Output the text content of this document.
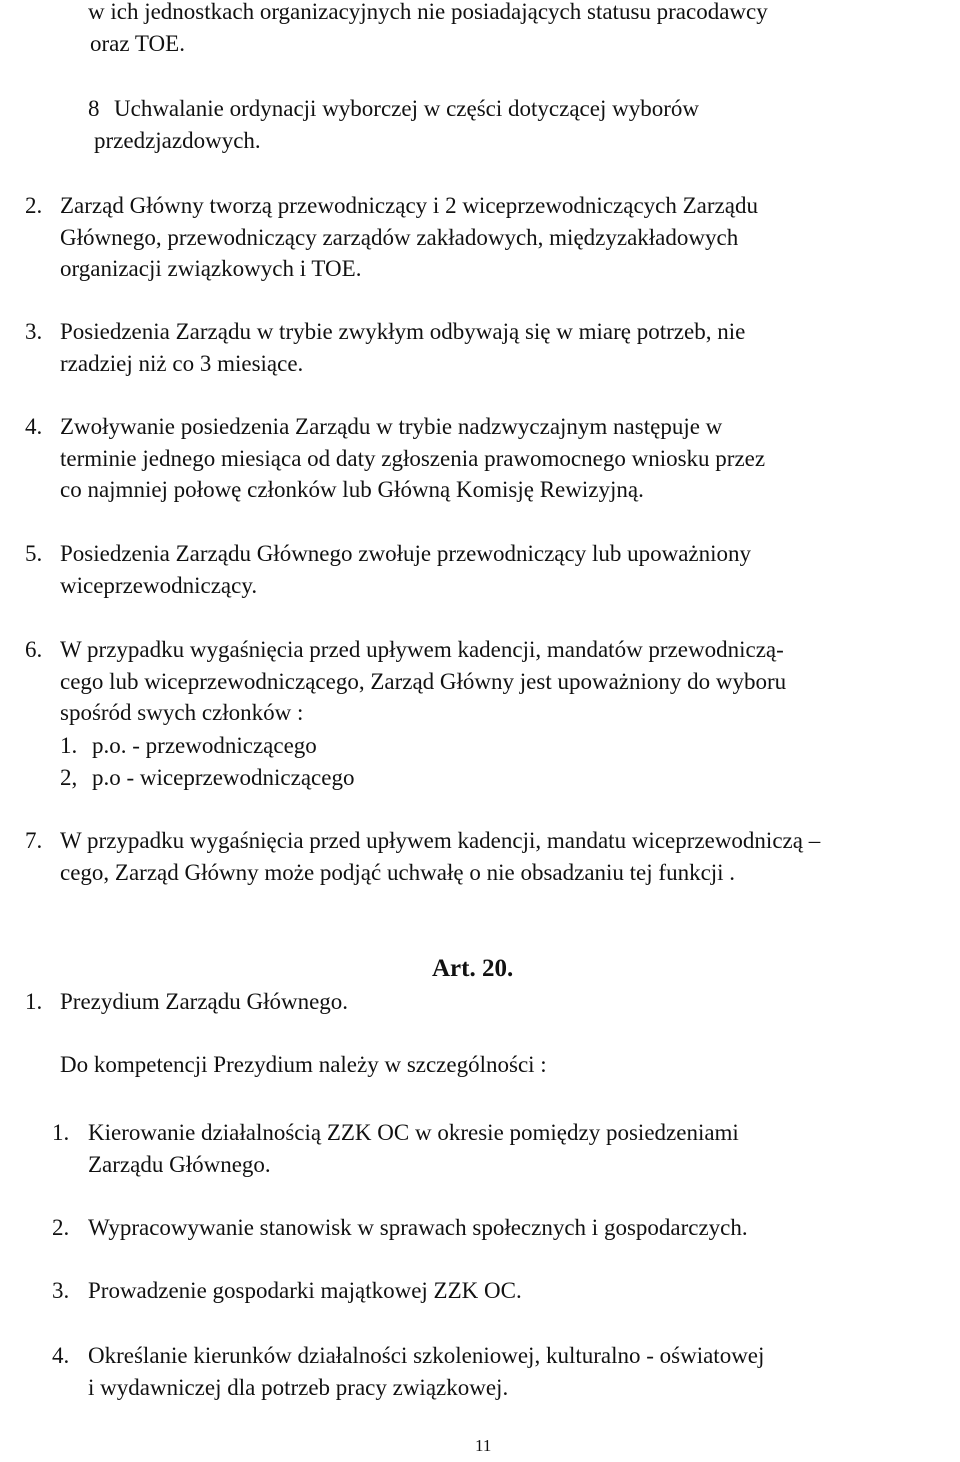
w ich jednostkach organizacyjnych nie posiadających statusu pracodawcy
oraz TOE.
8 Uchwalanie ordynacji wyborczej w części dotyczącej wyborów
przedzjazdowych.
2. Zarząd Główny tworzą przewodniczący i 2 wiceprzewodniczących Zarządu
Głównego, przewodniczący zarządów zakładowych, międzyzakładowych
organizacji związkowych i TOE.
3. Posiedzenia Zarządu w trybie zwykłym odbywają się w miarę potrzeb, nie
rzadziej niż co 3 miesiące.
4. Zwoływanie posiedzenia Zarządu w trybie nadzwyczajnym następuje w
terminie jednego miesiąca od daty zgłoszenia prawomocnego wniosku przez
co najmniej połowę członków lub Główną Komisję Rewizyjną.
5. Posiedzenia Zarządu Głównego zwołuje przewodniczący lub upoważniony
wiceprzewodniczący.
6. W przypadku wygaśnięcia przed upływem kadencji, mandatów przewodniczą-
cego lub wiceprzewodniczącego, Zarząd Główny jest upoważniony do wyboru
spośród swych członków :
1. p.o. - przewodniczącego
2, p.o - wiceprzewodniczącego
7. W przypadku wygaśnięcia przed upływem kadencji, mandatu wiceprzewodniczą –
cego, Zarząd Główny może podjąć uchwałę o nie obsadzaniu tej funkcji .
Art. 20.
1. Prezydium Zarządu Głównego.
Do kompetencji Prezydium należy w szczególności :
1. Kierowanie działalnością ZZK OC w okresie pomiędzy posiedzeniami
Zarządu Głównego.
2. Wypracowywanie stanowisk w sprawach społecznych i gospodarczych.
3. Prowadzenie gospodarki majątkowej ZZK OC.
4. Określanie kierunków działalności szkoleniowej, kulturalno - oświatowej
i wydawniczej dla potrzeb pracy związkowej.
11
